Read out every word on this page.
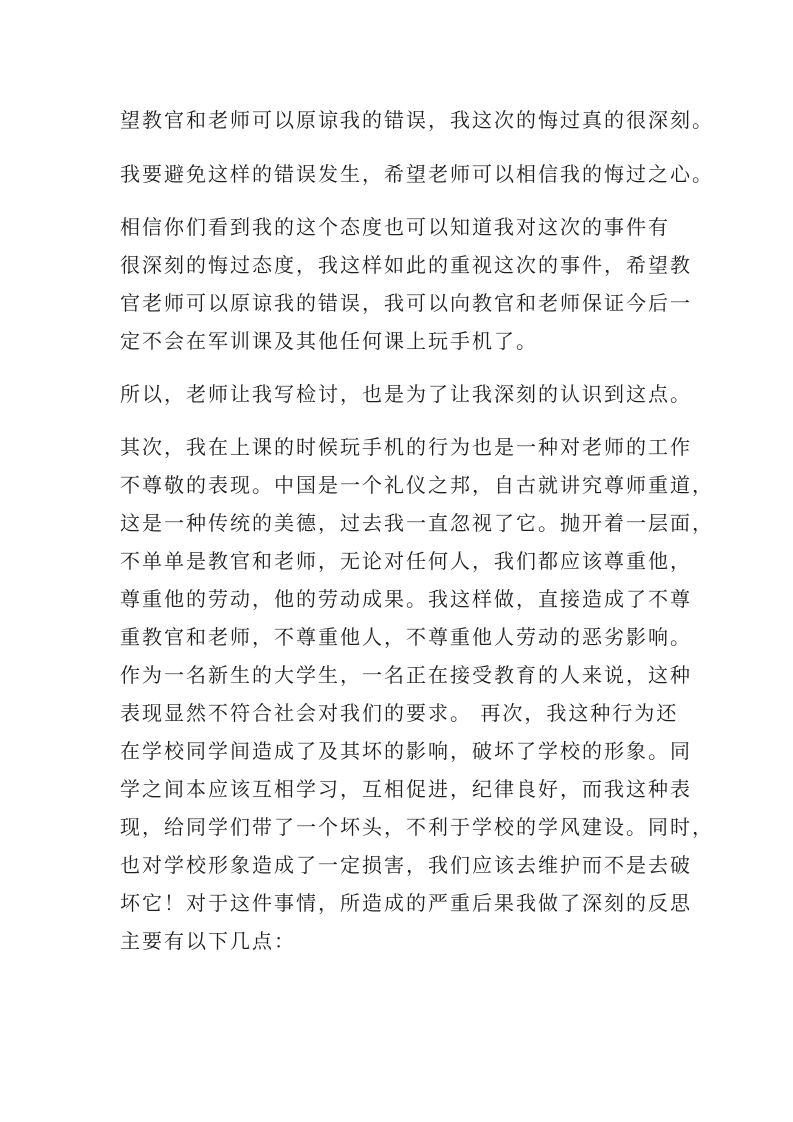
望教官和老师可以原谅我的错误，我这次的悔过真的很深刻。
我要避免这样的错误发生，希望老师可以相信我的悔过之心。
相信你们看到我的这个态度也可以知道我对这次的事件有
很深刻的悔过态度，我这样如此的重视这次的事件，希望教
官老师可以原谅我的错误，我可以向教官和老师保证今后一
定不会在军训课及其他任何课上玩手机了。
所以，老师让我写检讨，也是为了让我深刻的认识到这点。
其次，我在上课的时候玩手机的行为也是一种对老师的工作
不尊敬的表现。中国是一个礼仪之邦，自古就讲究尊师重道，
这是一种传统的美德，过去我一直忽视了它。抛开着一层面，
不单单是教官和老师，无论对任何人，我们都应该尊重他，
尊重他的劳动，他的劳动成果。我这样做，直接造成了不尊
重教官和老师，不尊重他人，不尊重他人劳动的恶劣影响。
作为一名新生的大学生，一名正在接受教育的人来说，这种
表现显然不符合社会对我们的要求。 再次，我这种行为还
在学校同学间造成了及其坏的影响，破坏了学校的形象。同
学之间本应该互相学习，互相促进，纪律良好，而我这种表
现，给同学们带了一个坏头，不利于学校的学风建设。同时，
也对学校形象造成了一定损害，我们应该去维护而不是去破
坏它！对于这件事情，所造成的严重后果我做了深刻的反思
主要有以下几点：
